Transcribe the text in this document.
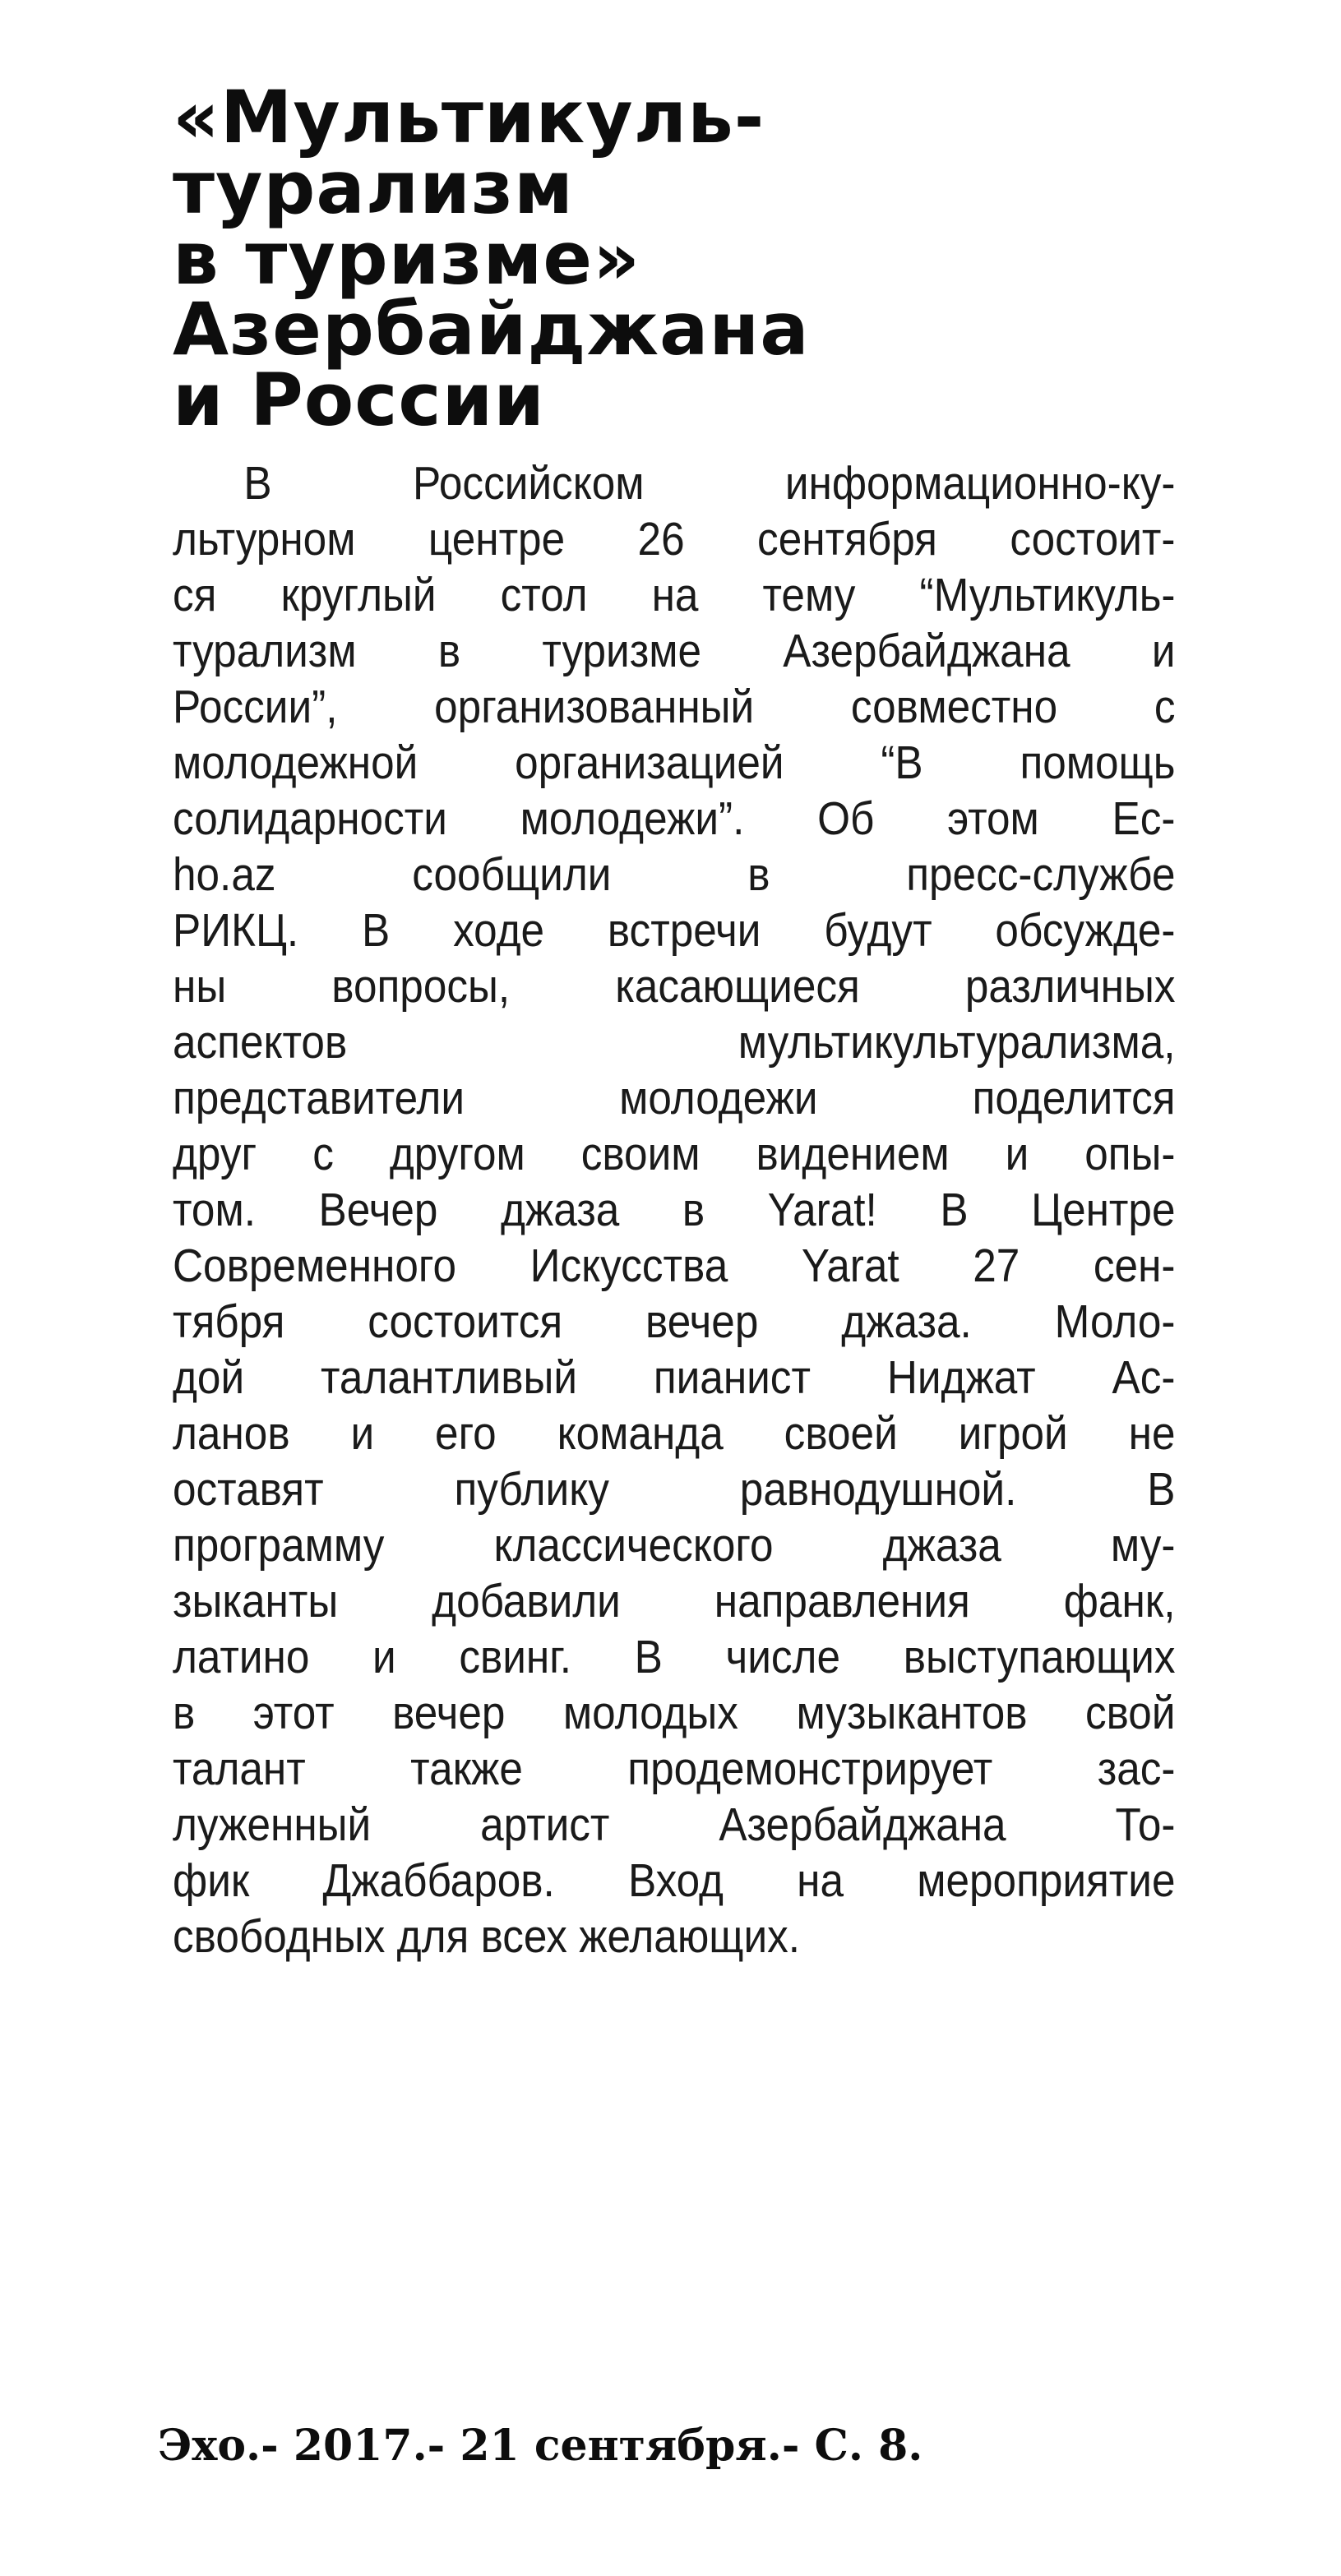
«Мультикуль-
турализм
в туризме»
Азербайджана
и России
В Российском информационно-ку-
льтурном центре 26 сентября состоит-
ся круглый стол на тему “Мультикуль-
турализм в туризме Азербайджана и
России”, организованный совместно с
молодежной организацией “В помощь
солидарности молодежи”. Об этом Ec-
ho.az сообщили в пресс-службе
РИКЦ. В ходе встречи будут обсужде-
ны вопросы, касающиеся различных
аспектов мультикультурализма,
представители молодежи поделится
друг с другом своим видением и опы-
том. Вечер джаза в Yarat! В Центре
Современного Искусства Yarat 27 сен-
тября состоится вечер джаза. Моло-
дой талантливый пианист Ниджат Ас-
ланов и его команда своей игрой не
оставят публику равнодушной. В
программу классического джаза му-
зыканты добавили направления фанк,
латино и свинг. В числе выступающих
в этот вечер молодых музыкантов свой
талант также продемонстрирует зас-
луженный артист Азербайджана То-
фик Джаббаров. Вход на мероприятие
свободных для всех желающих.
Эхо.- 2017.- 21 сентября.- С. 8.
